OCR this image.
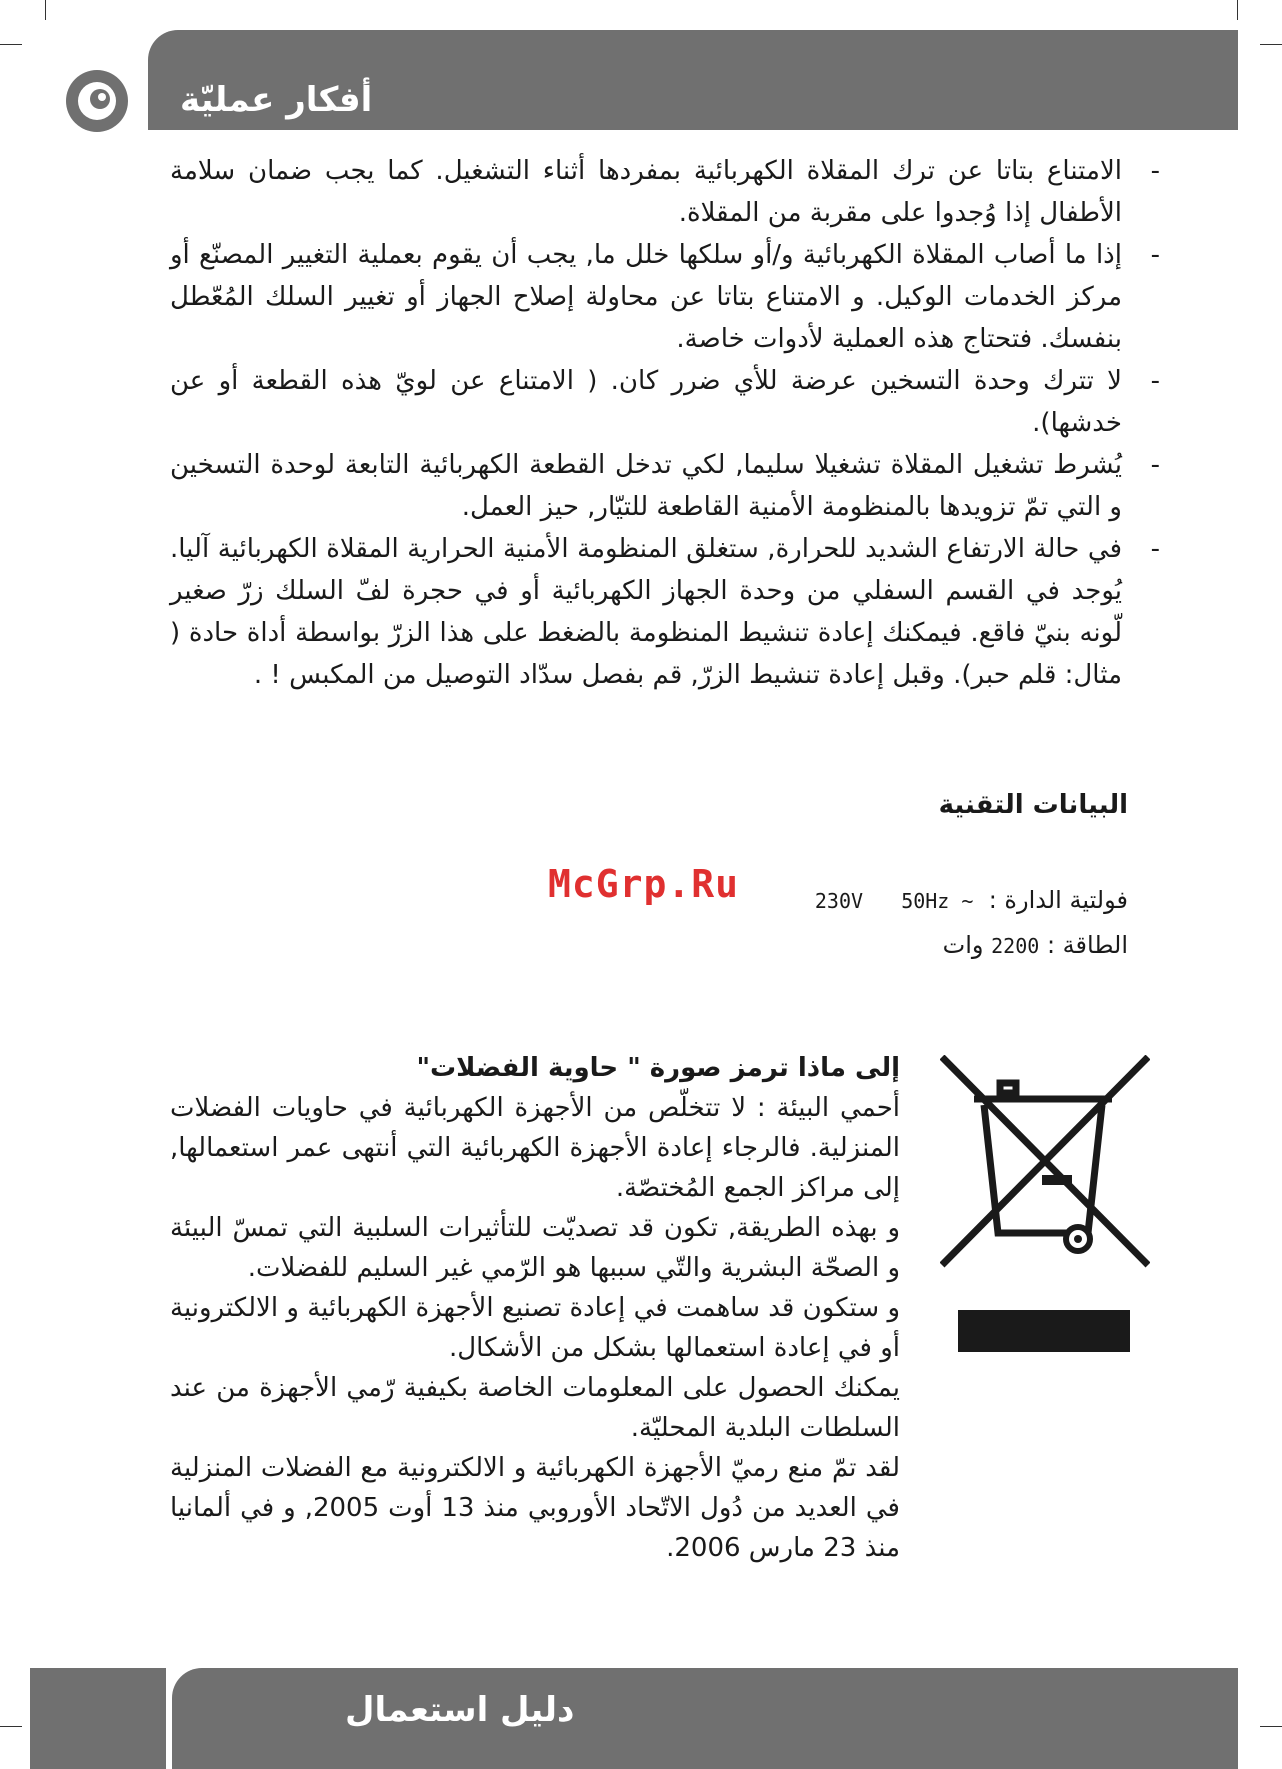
أفكار عمليّة
-
الامتناع بتاتا عن ترك المقلاة الكهربائية بمفردها أثناء التشغيل. كما يجب ضمان سلامة الأطفال إذا وُجدوا على مقربة من المقلاة.
-
إذا ما أصاب المقلاة الكهربائية و/أو سلكها خلل ما, يجب أن يقوم بعملية التغيير المصنّع أو مركز الخدمات الوكيل. و الامتناع بتاتا عن محاولة إصلاح الجهاز أو تغيير السلك المُعّطل بنفسك. فتحتاج هذه العملية لأدوات خاصة.
-
لا تترك وحدة التسخين عرضة للأي ضرر كان. ( الامتناع عن لويّ هذه القطعة أو عن خدشها).
-
يُشرط تشغيل المقلاة تشغيلا سليما, لكي تدخل القطعة الكهربائية التابعة لوحدة التسخين و التي تمّ تزويدها بالمنظومة الأمنية القاطعة للتيّار, حيز العمل.
-
في حالة الارتفاع الشديد للحرارة, ستغلق المنظومة الأمنية الحرارية المقلاة الكهربائية آليا. يُوجد في القسم السفلي من وحدة الجهاز الكهربائية أو في حجرة لفّ السلك زرّ صغير لّونه بنيّ فاقع. فيمكنك إعادة تنشيط المنظومة بالضغط على هذا الزرّ بواسطة أداة حادة ( مثال: قلم حبر). وقبل إعادة تنشيط الزرّ, قم بفصل سدّاد التوصيل من المكبس ! .
البيانات التقنية
McGrp.Ru	فولتية الدارة :  230V 50Hz ~
الطاقة : 2200 وات

إلى ماذا ترمز صورة " حاوية الفضلات"

أحمي البيئة : لا تتخلّص من الأجهزة الكهربائية في حاويات الفضلات المنزلية. فالرجاء إعادة الأجهزة الكهربائية التي أنتهى عمر استعمالها, إلى مراكز الجمع المُختصّة.

و بهذه الطريقة, تكون قد تصديّت للتأثيرات السلبية التي تمسّ البيئة و الصحّة البشرية والتّي سببها هو الرّمي غير السليم للفضلات.

و ستكون قد ساهمت في إعادة تصنيع الأجهزة الكهربائية و الالكترونية أو في إعادة استعمالها بشكل من الأشكال.

يمكنك الحصول على المعلومات الخاصة بكيفية رّمي الأجهزة من عند السلطات البلدية المحليّة.

لقد تمّ منع رميّ الأجهزة الكهربائية و الالكترونية مع الفضلات المنزلية في العديد من دُول الاتّحاد الأوروبي منذ 13 أوت 2005, و في ألمانيا منذ 23 مارس 2006.

دليل استعمال
